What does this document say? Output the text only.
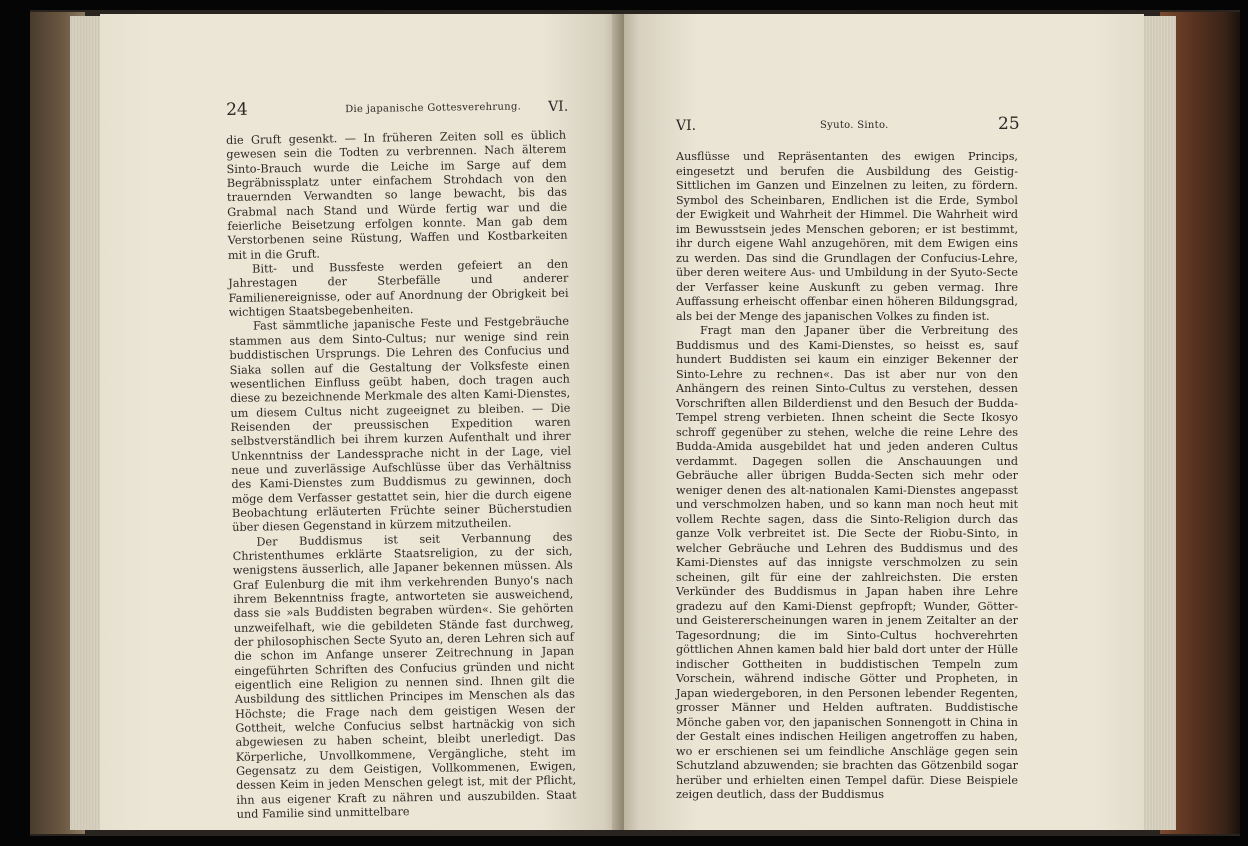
24	Die japanische Gottesverehrung. VI.

die Gruft gesenkt. — In früheren Zeiten soll es üblich gewesen sein die Todten zu verbrennen. Nach älterem Sinto-Brauch wurde die Leiche im Sarge auf dem Begräbnissplatz unter einfachem Strohdach von den trauernden Verwandten so lange bewacht, bis das Grabmal nach Stand und Würde fertig war und die feierliche Beisetzung erfolgen konnte. Man gab dem Verstorbenen seine Rüstung, Waffen und Kostbarkeiten mit in die Gruft.

Bitt- und Bussfeste werden gefeiert an den Jahrestagen der Sterbefälle und anderer Familienereignisse, oder auf Anordnung der Obrigkeit bei wichtigen Staatsbegebenheiten.

Fast sämmtliche japanische Feste und Festgebräuche stammen aus dem Sinto-Cultus; nur wenige sind rein buddistischen Ursprungs. Die Lehren des Confucius und Siaka sollen auf die Gestaltung der Volksfeste einen wesentlichen Einfluss geübt haben, doch tragen auch diese zu bezeichnende Merkmale des alten Kami-Dienstes, um diesem Cultus nicht zugeeignet zu bleiben. — Die Reisenden der preussischen Expedition waren selbstverständlich bei ihrem kurzen Aufenthalt und ihrer Unkenntniss der Landessprache nicht in der Lage, viel neue und zuverlässige Aufschlüsse über das Verhältniss des Kami-Dienstes zum Buddismus zu gewinnen, doch möge dem Verfasser gestattet sein, hier die durch eigene Beobachtung erläuterten Früchte seiner Bücherstudien über diesen Gegenstand in kürzem mitzutheilen.

Der Buddismus ist seit Verbannung des Christenthumes erklärte Staatsreligion, zu der sich, wenigstens äusserlich, alle Japaner bekennen müssen. Als Graf Eulenburg die mit ihm verkehrenden Bunyo's nach ihrem Bekenntniss fragte, antworteten sie ausweichend, dass sie »als Buddisten begraben würden«. Sie gehörten unzweifelhaft, wie die gebildeten Stände fast durchweg, der philosophischen Secte Syuto an, deren Lehren sich auf die schon im Anfange unserer Zeitrechnung in Japan eingeführten Schriften des Confucius gründen und nicht eigentlich eine Religion zu nennen sind. Ihnen gilt die Ausbildung des sittlichen Principes im Menschen als das Höchste; die Frage nach dem geistigen Wesen der Gottheit, welche Confucius selbst hartnäckig von sich abgewiesen zu haben scheint, bleibt unerledigt. Das Körperliche, Unvollkommene, Vergängliche, steht im Gegensatz zu dem Geistigen, Vollkommenen, Ewigen, dessen Keim in jeden Menschen gelegt ist, mit der Pflicht, ihn aus eigener Kraft zu nähren und auszubilden. Staat und Familie sind unmittelbare

VI.	Syuto. Sinto.	25

Ausflüsse und Repräsentanten des ewigen Princips, eingesetzt und berufen die Ausbildung des Geistig-Sittlichen im Ganzen und Einzelnen zu leiten, zu fördern. Symbol des Scheinbaren, Endlichen ist die Erde, Symbol der Ewigkeit und Wahrheit der Himmel. Die Wahrheit wird im Bewusstsein jedes Menschen geboren; er ist bestimmt, ihr durch eigene Wahl anzugehören, mit dem Ewigen eins zu werden. Das sind die Grundlagen der Confucius-Lehre, über deren weitere Aus- und Umbildung in der Syuto-Secte der Verfasser keine Auskunft zu geben vermag. Ihre Auffassung erheischt offenbar einen höheren Bildungsgrad, als bei der Menge des japanischen Volkes zu finden ist.

Fragt man den Japaner über die Verbreitung des Buddismus und des Kami-Dienstes, so heisst es, sauf hundert Buddisten sei kaum ein einziger Bekenner der Sinto-Lehre zu rechnen«. Das ist aber nur von den Anhängern des reinen Sinto-Cultus zu verstehen, dessen Vorschriften allen Bilderdienst und den Besuch der Budda-Tempel streng verbieten. Ihnen scheint die Secte Ikosyo schroff gegenüber zu stehen, welche die reine Lehre des Budda-Amida ausgebildet hat und jeden anderen Cultus verdammt. Dagegen sollen die Anschauungen und Gebräuche aller übrigen Budda-Secten sich mehr oder weniger denen des alt-nationalen Kami-Dienstes angepasst und verschmolzen haben, und so kann man noch heut mit vollem Rechte sagen, dass die Sinto-Religion durch das ganze Volk verbreitet ist. Die Secte der Riobu-Sinto, in welcher Gebräuche und Lehren des Buddismus und des Kami-Dienstes auf das innigste verschmolzen zu sein scheinen, gilt für eine der zahlreichsten. Die ersten Verkünder des Buddismus in Japan haben ihre Lehre gradezu auf den Kami-Dienst gepfropft; Wunder, Götter- und Geistererscheinungen waren in jenem Zeitalter an der Tagesordnung; die im Sinto-Cultus hochverehrten göttlichen Ahnen kamen bald hier bald dort unter der Hülle indischer Gottheiten in buddistischen Tempeln zum Vorschein, während indische Götter und Propheten, in Japan wiedergeboren, in den Personen lebender Regenten, grosser Männer und Helden auftraten. Buddistische Mönche gaben vor, den japanischen Sonnengott in China in der Gestalt eines indischen Heiligen angetroffen zu haben, wo er erschienen sei um feindliche Anschläge gegen sein Schutzland abzuwenden; sie brachten das Götzenbild sogar herüber und erhielten einen Tempel dafür. Diese Beispiele zeigen deutlich, dass der Buddismus
